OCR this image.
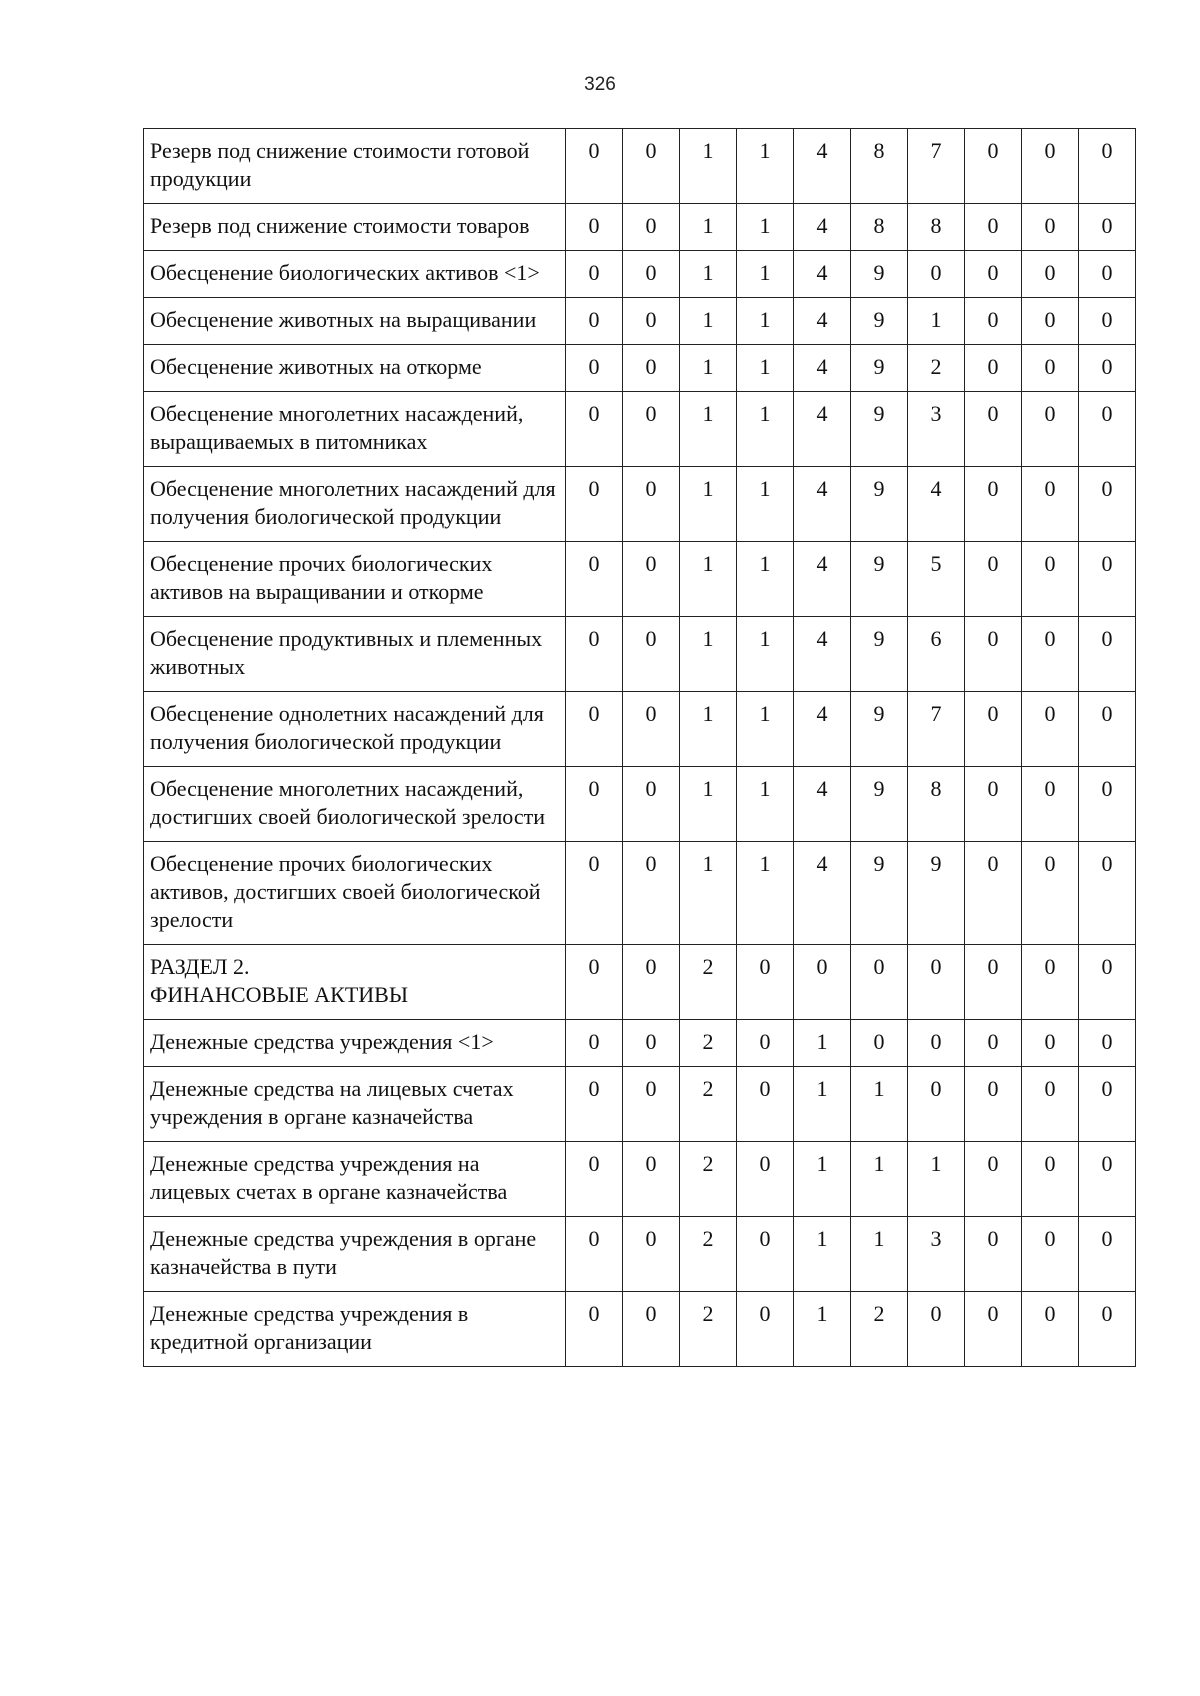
326
Резерв под снижение стоимости готовой продукции	0	0	1	1	4	8	7	0	0	0
Резерв под снижение стоимости товаров	0	0	1	1	4	8	8	0	0	0
Обесценение биологических активов <1>	0	0	1	1	4	9	0	0	0	0
Обесценение животных на выращивании	0	0	1	1	4	9	1	0	0	0
Обесценение животных на откорме	0	0	1	1	4	9	2	0	0	0
Обесценение многолетних насаждений, выращиваемых в питомниках	0	0	1	1	4	9	3	0	0	0
Обесценение многолетних насаждений для получения биологической продукции	0	0	1	1	4	9	4	0	0	0
Обесценение прочих биологических активов на выращивании и откорме	0	0	1	1	4	9	5	0	0	0
Обесценение продуктивных и племенных животных	0	0	1	1	4	9	6	0	0	0
Обесценение однолетних насаждений для получения биологической продукции	0	0	1	1	4	9	7	0	0	0
Обесценение многолетних насаждений, достигших своей биологической зрелости	0	0	1	1	4	9	8	0	0	0
Обесценение прочих биологических активов, достигших своей биологической зрелости	0	0	1	1	4	9	9	0	0	0
РАЗДЕЛ 2.
ФИНАНСОВЫЕ АКТИВЫ	0	0	2	0	0	0	0	0	0	0
Денежные средства учреждения <1>	0	0	2	0	1	0	0	0	0	0
Денежные средства на лицевых счетах учреждения в органе казначейства	0	0	2	0	1	1	0	0	0	0
Денежные средства учреждения на лицевых счетах в органе казначейства	0	0	2	0	1	1	1	0	0	0
Денежные средства учреждения в органе казначейства в пути	0	0	2	0	1	1	3	0	0	0
Денежные средства учреждения в кредитной организации	0	0	2	0	1	2	0	0	0	0
